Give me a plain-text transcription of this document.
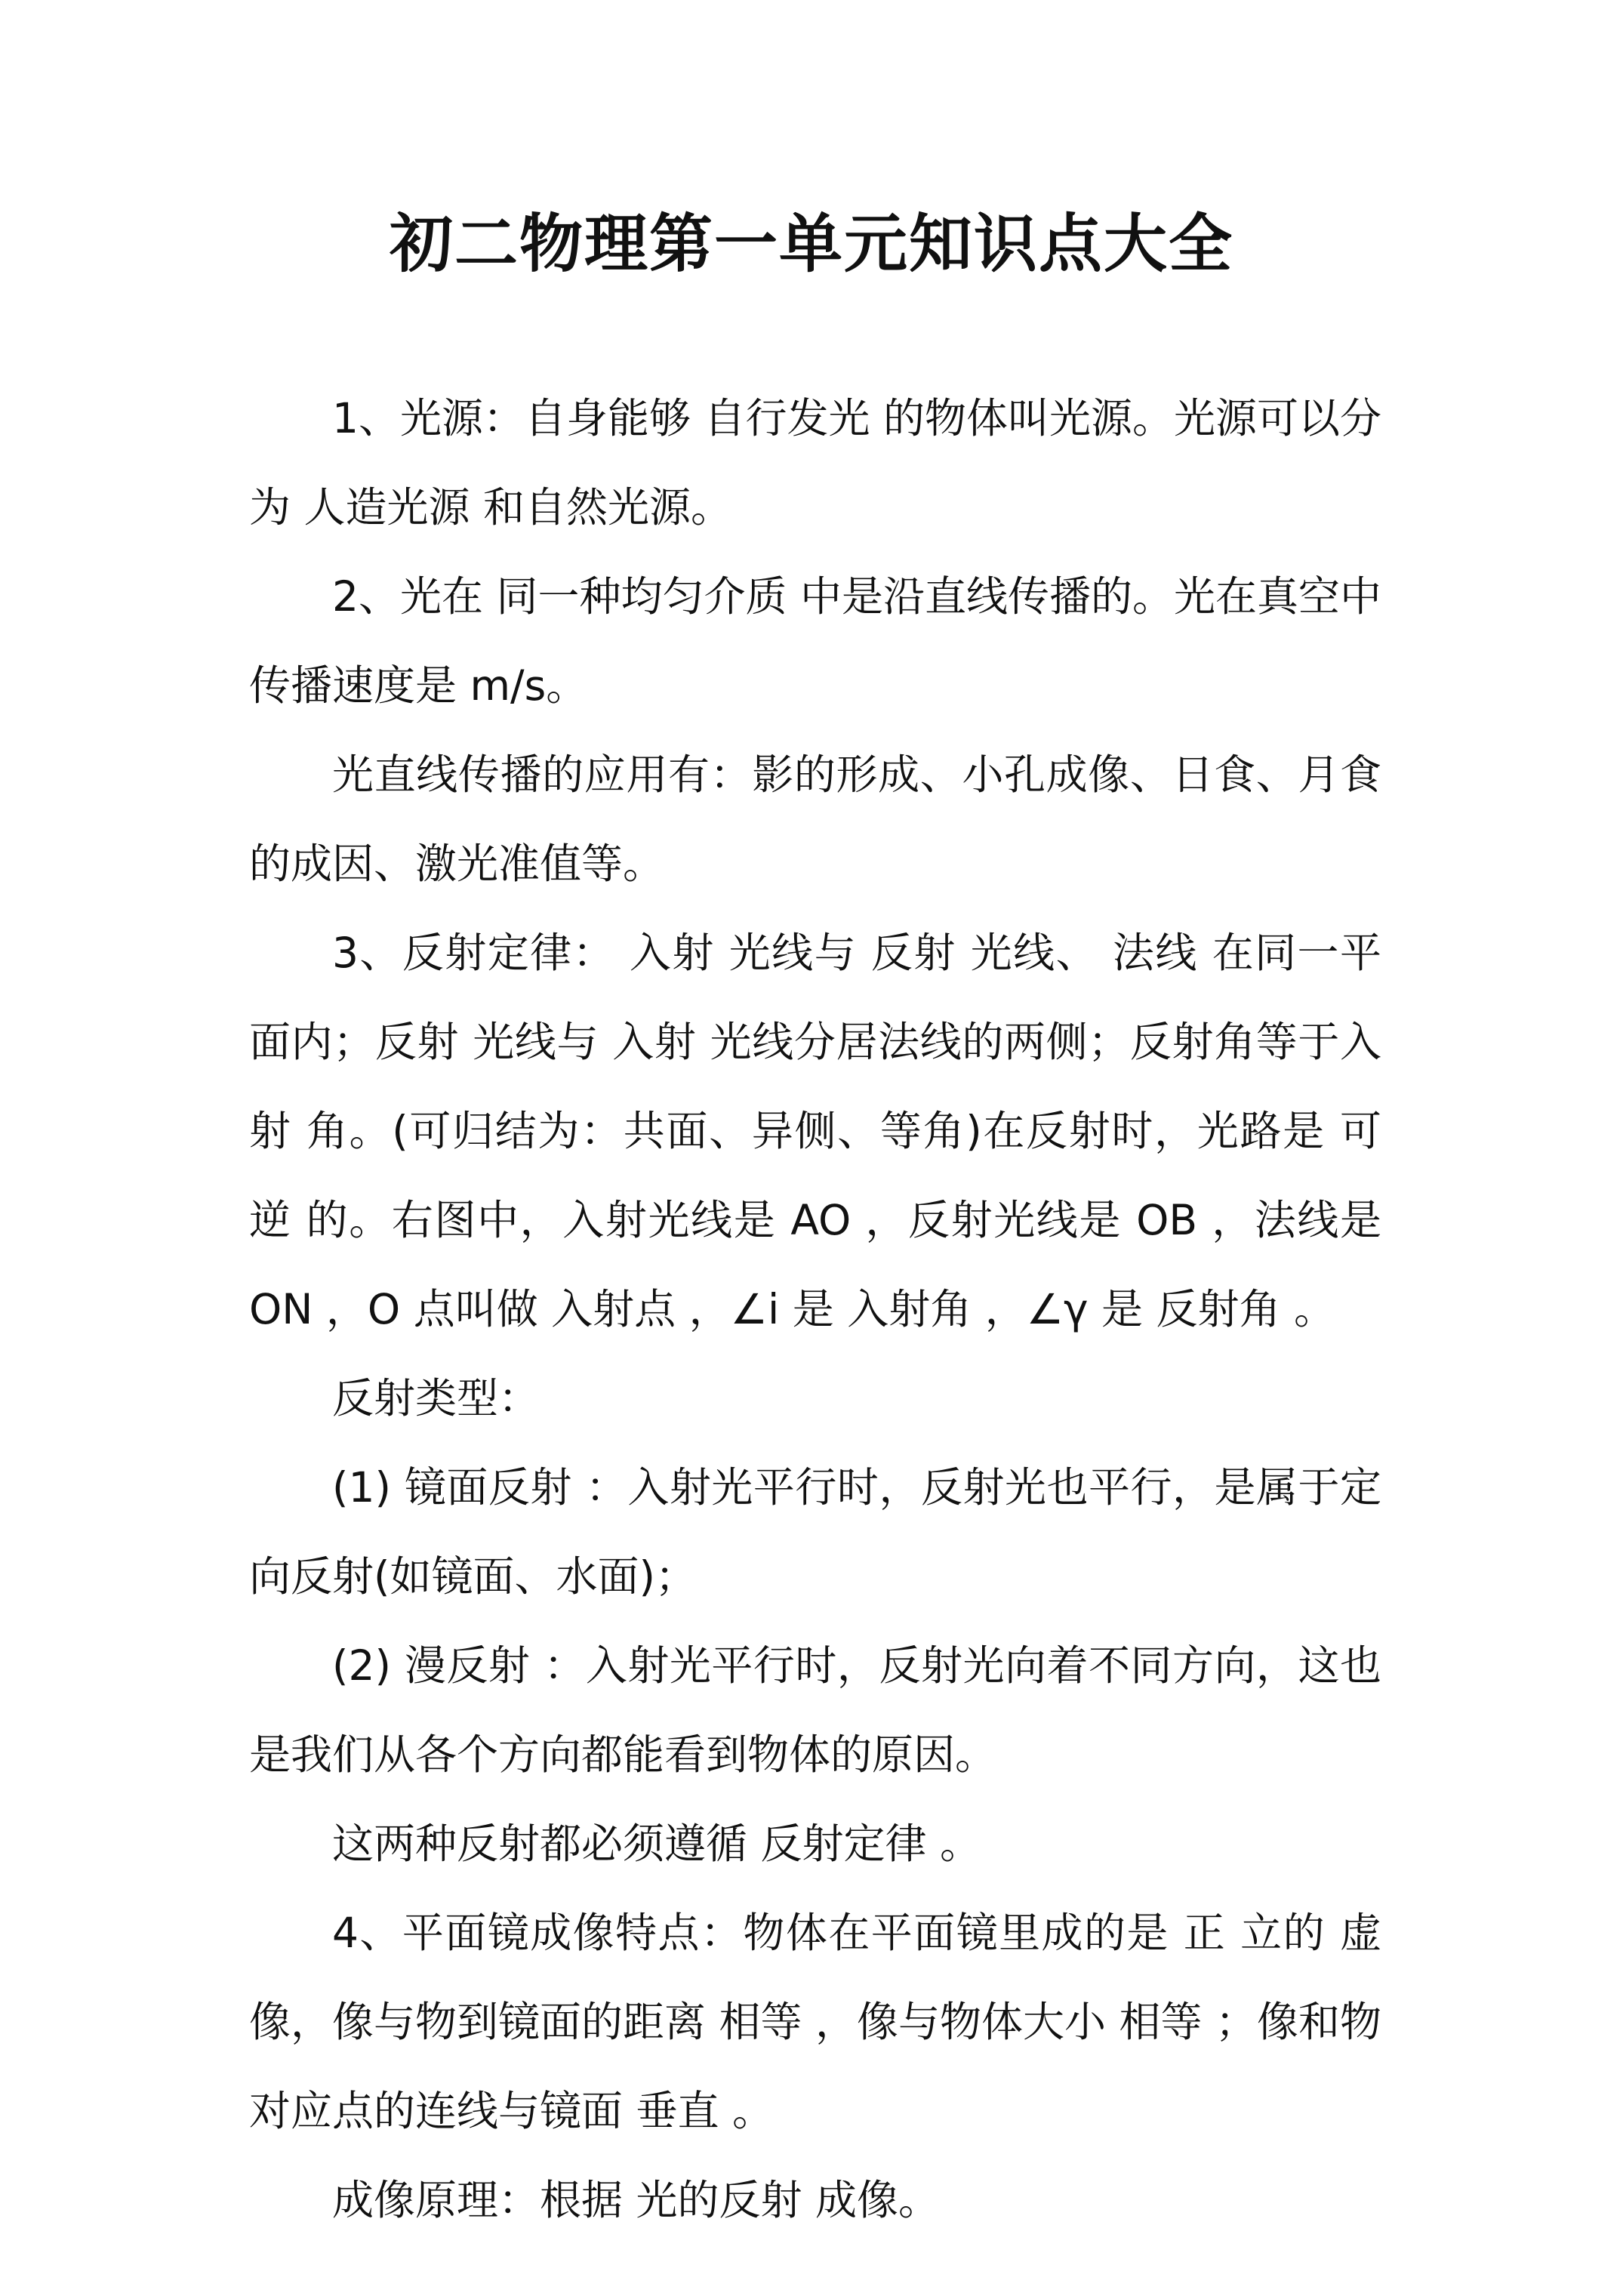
初二物理第一单元知识点大全

1、光源：自身能够 自行发光 的物体叫光源。光源可以分为 人造光源 和自然光源。

2、光在 同一种均匀介质 中是沿直线传播的。光在真空中传播速度是 m/s。

光直线传播的应用有：影的形成、小孔成像、日食、月食的成因、激光准值等。

3、反射定律： 入射 光线与 反射 光线、 法线 在同一平面内；反射 光线与 入射 光线分居法线的两侧；反射角等于入射 角。(可归结为：共面、异侧、等角)在反射时，光路是 可逆 的。右图中，入射光线是 AO ，反射光线是 OB ，法线是 ON ，O 点叫做 入射点 ，∠i 是 入射角 ，∠γ 是 反射角 。

反射类型：

(1) 镜面反射 ：入射光平行时，反射光也平行，是属于定向反射(如镜面、水面)；

(2) 漫反射 ：入射光平行时，反射光向着不同方向，这也是我们从各个方向都能看到物体的原因。

这两种反射都必须遵循 反射定律 。

4、平面镜成像特点：物体在平面镜里成的是 正 立的 虚 像，像与物到镜面的距离 相等 ，像与物体大小 相等 ；像和物对应点的连线与镜面 垂直 。

成像原理：根据 光的反射 成像。
